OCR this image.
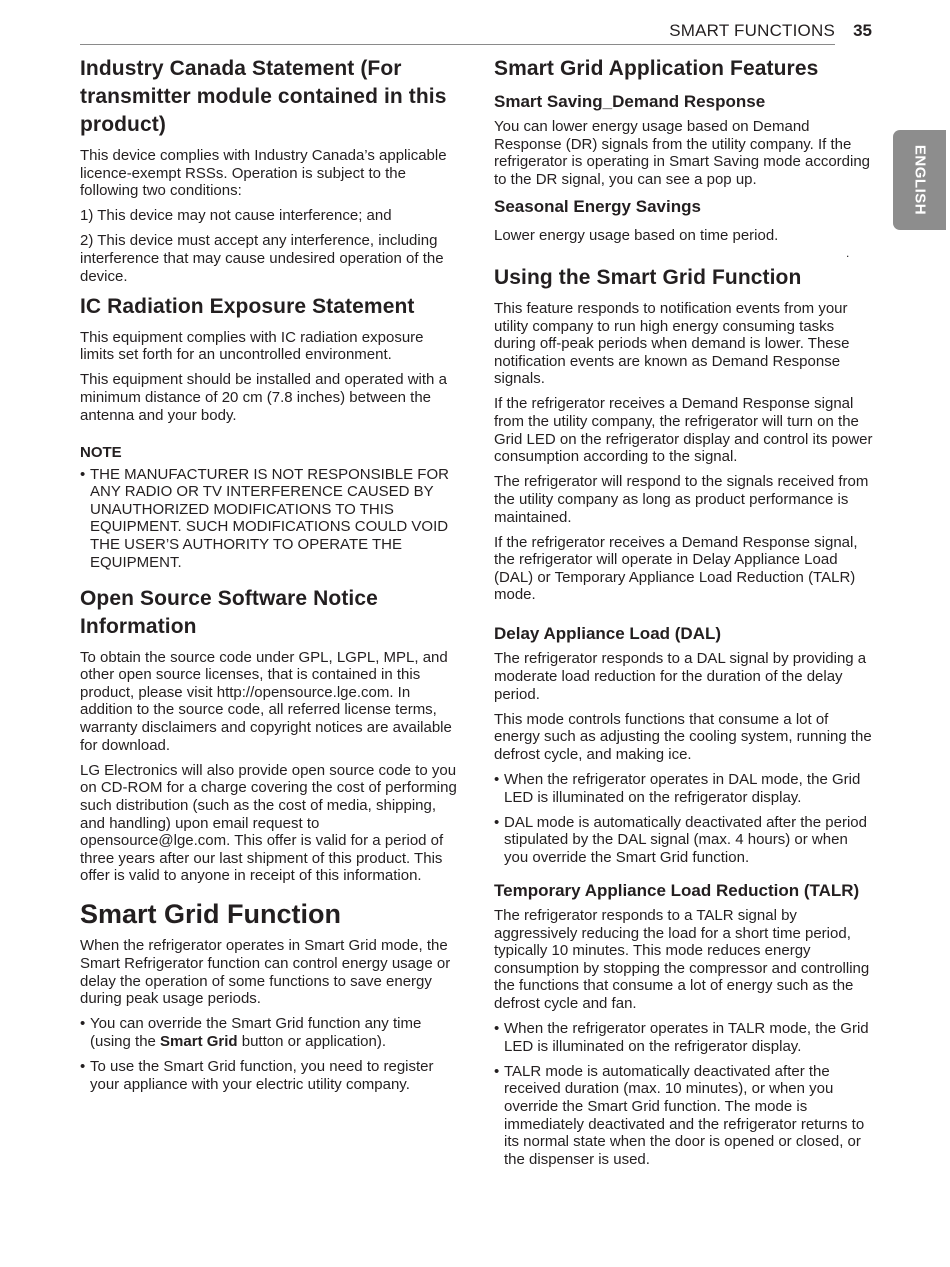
SMART FUNCTIONS 35
ENGLISH
Industry Canada Statement (For transmitter module contained in this product)

This device complies with Industry Canada’s applicable licence-exempt RSSs. Operation is subject to the following two conditions:

1) This device may not cause interference; and

2) This device must accept any interference, including interference that may cause undesired operation of the device.

IC Radiation Exposure Statement

This equipment complies with IC radiation exposure limits set forth for an uncontrolled environment.

This equipment should be installed and operated with a minimum distance of 20 cm (7.8 inches) between the antenna and your body.

NOTE
• THE MANUFACTURER IS NOT RESPONSIBLE FOR ANY RADIO OR TV INTERFERENCE CAUSED BY UNAUTHORIZED MODIFICATIONS TO THIS EQUIPMENT. SUCH MODIFICATIONS COULD VOID THE USER’S AUTHORITY TO OPERATE THE EQUIPMENT.
Open Source Software Notice Information

To obtain the source code under GPL, LGPL, MPL, and other open source licenses, that is contained in this product, please visit http://opensource.lge.com. In addition to the source code, all referred license terms, warranty disclaimers and copyright notices are available for download.

LG Electronics will also provide open source code to you on CD-ROM for a charge covering the cost of performing such distribution (such as the cost of media, shipping, and handling) upon email request to opensource@lge.com. This offer is valid for a period of three years after our last shipment of this product. This offer is valid to anyone in receipt of this information.

Smart Grid Function

When the refrigerator operates in Smart Grid mode, the Smart Refrigerator function can control energy usage or delay the operation of some functions to save energy during peak usage periods.

• You can override the Smart Grid function any time (using the Smart Grid button or application).
• To use the Smart Grid function, you need to register your appliance with your electric utility company.
Smart Grid Application Features
Smart Saving_Demand Response

You can lower energy usage based on Demand Response (DR) signals from the utility company. If the refrigerator is operating in Smart Saving mode according to the DR signal, you can see a pop up.

Seasonal Energy Savings

Lower energy usage based on time period.

Using the Smart Grid Function

This feature responds to notification events from your utility company to run high energy consuming tasks during off-peak periods when demand is lower. These notification events are known as Demand Response signals.

If the refrigerator receives a Demand Response signal from the utility company, the refrigerator will turn on the Grid LED on the refrigerator display and control its power consumption according to the signal.

The refrigerator will respond to the signals received from the utility company as long as product performance is maintained.

If the refrigerator receives a Demand Response signal, the refrigerator will operate in Delay Appliance Load (DAL) or Temporary Appliance Load Reduction (TALR) mode.

Delay Appliance Load (DAL)

The refrigerator responds to a DAL signal by providing a moderate load reduction for the duration of the delay period.

This mode controls functions that consume a lot of energy such as adjusting the cooling system, running the defrost cycle, and making ice.

• When the refrigerator operates in DAL mode, the Grid LED is illuminated on the refrigerator display.
• DAL mode is automatically deactivated after the period stipulated by the DAL signal (max. 4 hours) or when you override the Smart Grid function.
Temporary Appliance Load Reduction (TALR)

The refrigerator responds to a TALR signal by aggressively reducing the load for a short time period, typically 10 minutes. This mode reduces energy consumption by stopping the compressor and controlling the functions that consume a lot of energy such as the defrost cycle and fan.

• When the refrigerator operates in TALR mode, the Grid LED is illuminated on the refrigerator display.
• TALR mode is automatically deactivated after the received duration (max. 10 minutes), or when you override the Smart Grid function. The mode is immediately deactivated and the refrigerator returns to its normal state when the door is opened or closed, or the dispenser is used.
.
